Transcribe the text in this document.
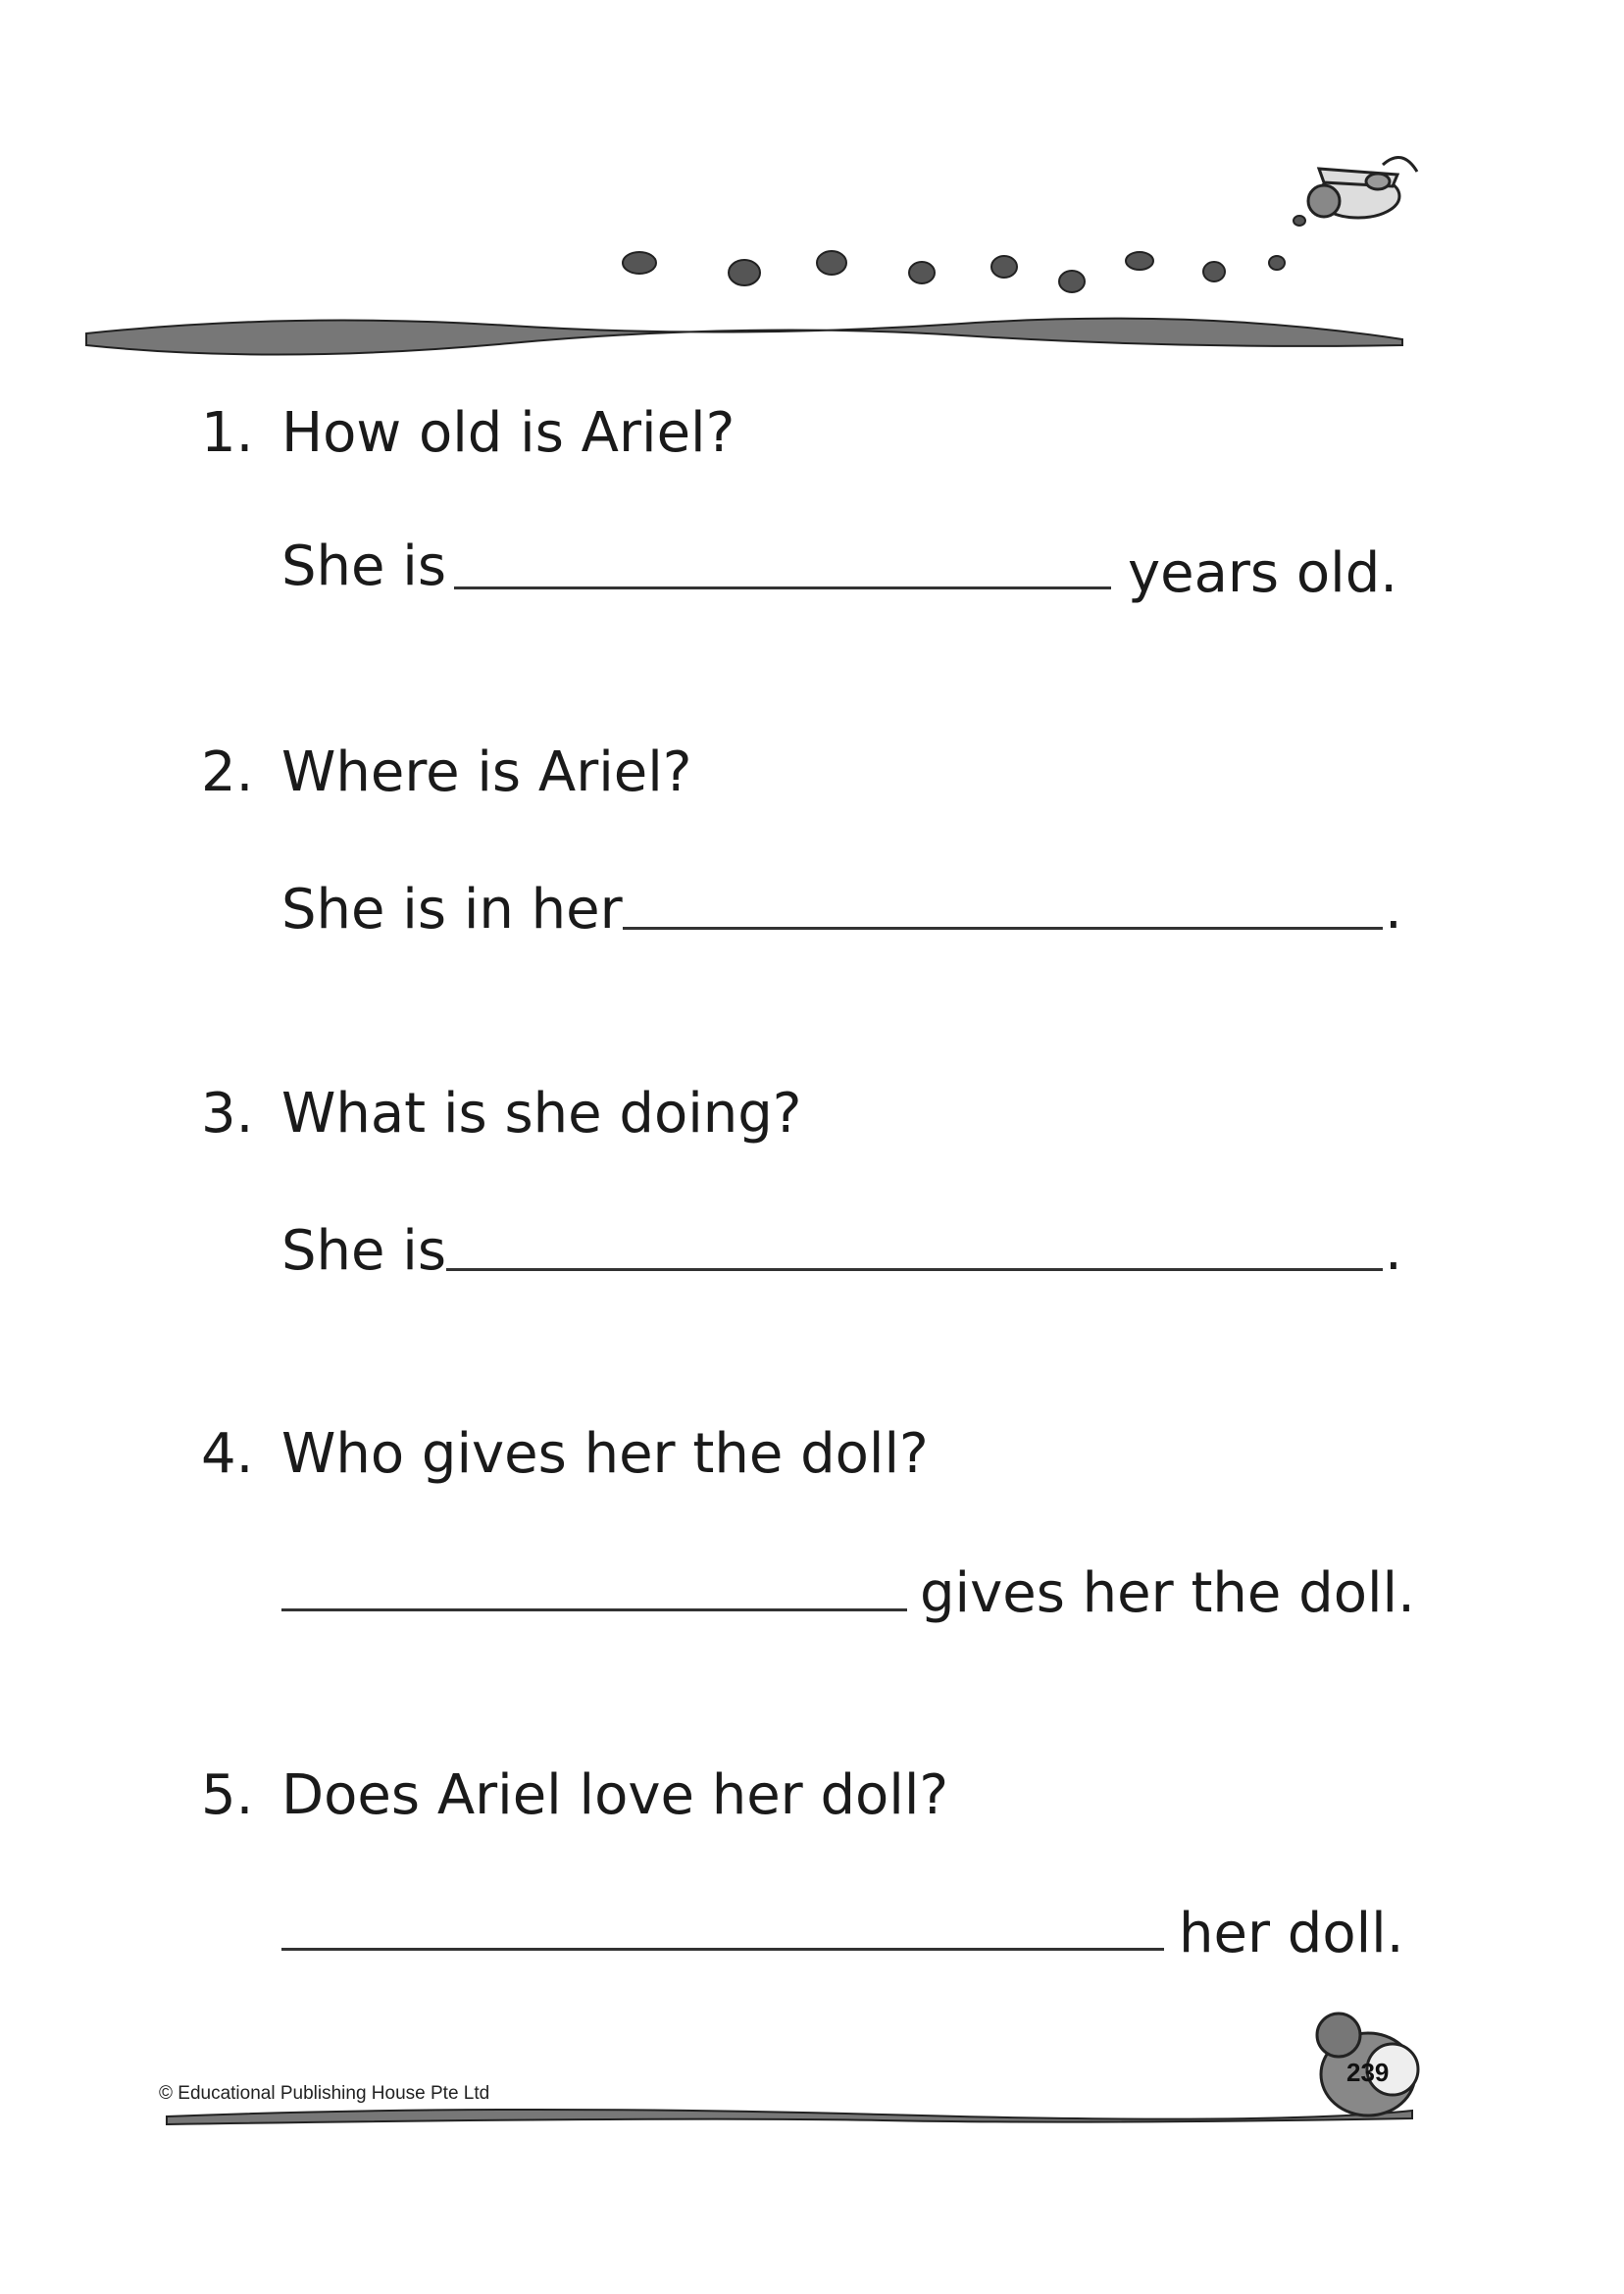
1. How old is Ariel?
She is	years old.
2. Where is Ariel?
She is in her	.
3. What is she doing?
She is	.
4. Who gives her the doll?
gives her the doll.
5. Does Ariel love her doll?
her doll.
© Educational Publishing House Pte Ltd
239
